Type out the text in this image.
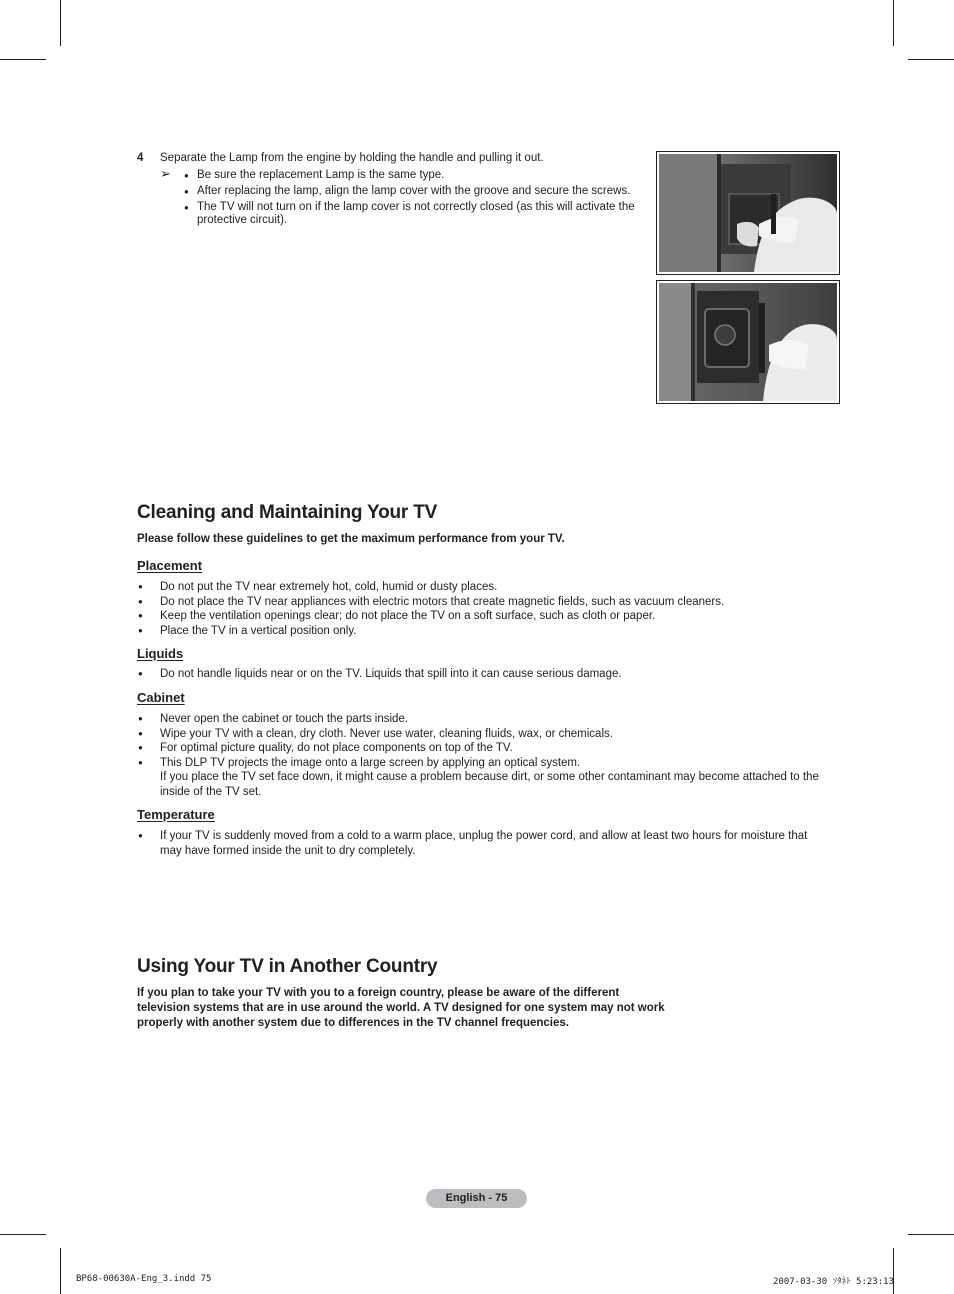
4 Separate the Lamp from the engine by holding the handle and pulling it out.
➢
●	Be sure the replacement Lamp is the same type.
● After replacing the lamp, align the lamp cover with the groove and secure the screws.
● The TV will not turn on if the lamp cover is not correctly closed (as this will activate the protective circuit).
Cleaning and Maintaining Your TV
Please follow these guidelines to get the maximum performance from your TV.
Placement
● Do not put the TV near extremely hot, cold, humid or dusty places.
● Do not place the TV near appliances with electric motors that create magnetic fields, such as vacuum cleaners.
● Keep the ventilation openings clear; do not place the TV on a soft surface, such as cloth or paper.
● Place the TV in a vertical position only.
Liquids
● Do not handle liquids near or on the TV. Liquids that spill into it can cause serious damage.
Cabinet
● Never open the cabinet or touch the parts inside.
● Wipe your TV with a clean, dry cloth. Never use water, cleaning fluids, wax, or chemicals.
● For optimal picture quality, do not place components on top of the TV.
● This DLP TV projects the image onto a large screen by applying an optical system.
If you place the TV set face down, it might cause a problem because dirt, or some other contaminant may become attached to the inside of the TV set.
Temperature
● If your TV is suddenly moved from a cold to a warm place, unplug the power cord, and allow at least two hours for moisture that may have formed inside the unit to dry completely.
Using Your TV in Another Country
If you plan to take your TV with you to a foreign country, please be aware of the different
television systems that are in use around the world. A TV designed for one system may not work
properly with another system due to differences in the TV channel frequencies.
English - 75
BP68-00630A-Eng_3.indd 75	2007-03-30 ｿﾀﾈﾄ 5:23:13
